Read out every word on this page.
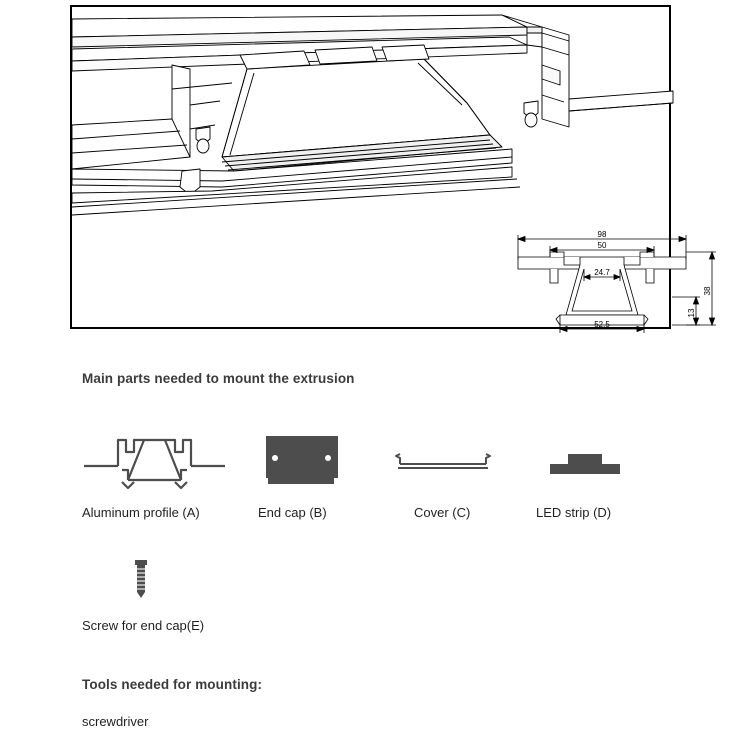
98
50
24.7
52.5
38
13
Main parts needed to mount the extrusion
Aluminum profile (A)	End cap (B)	Cover (C)	LED strip (D)
Screw for end cap(E)
Tools needed for mounting:
screwdriver
